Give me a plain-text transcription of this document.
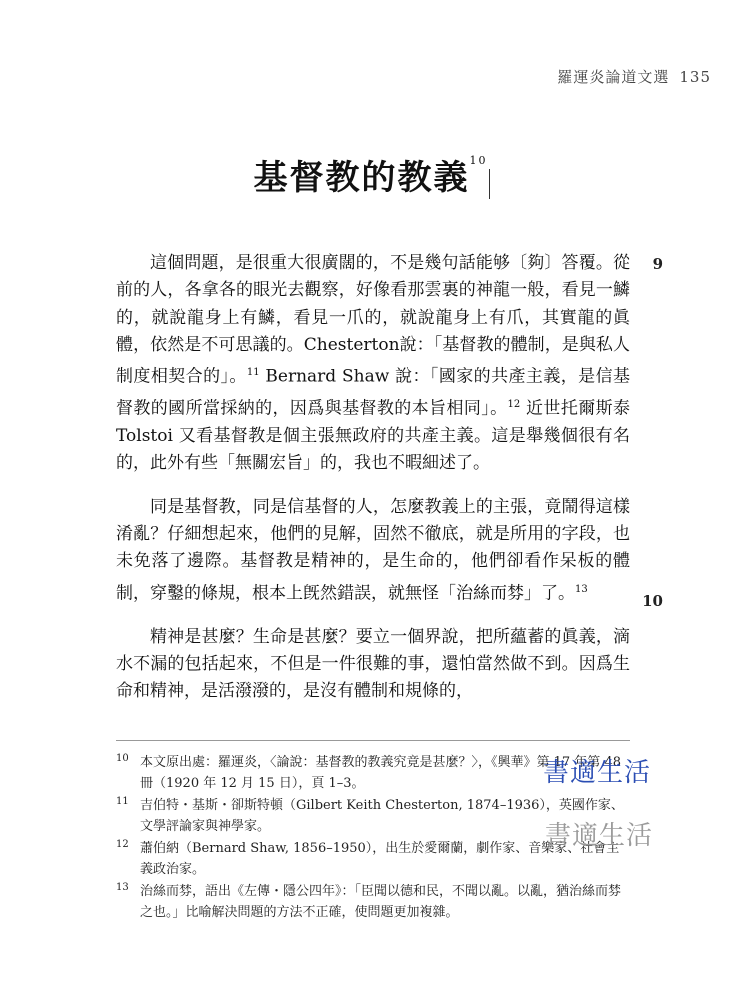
羅運炎論道文選 135
基督教的教義$^{10}$

這個問題，是很重大很廣闊的，不是幾句話能够〔夠〕答覆。從前的人，各拿各的眼光去觀察，好像看那雲裏的神龍一般，看見一鱗的，就說龍身上有鱗，看見一爪的，就說龍身上有爪，其實龍的眞體，依然是不可思議的。Chesterton說：「基督教的體制，是與私人制度相契合的」。$^{11}$ Bernard Shaw 說：「國家的共產主義，是信基督教的國所當採納的，因爲與基督教的本旨相同」。$^{12}$ 近世托爾斯泰 Tolstoi 又看基督教是個主張無政府的共產主義。這是舉幾個很有名的，此外有些「無關宏旨」的，我也不暇細述了。

同是基督教，同是信基督的人，怎麼教義上的主張，竟鬧得這樣淆亂？仔細想起來，他們的見解，固然不徹底，就是所用的字段，也未免落了邊際。基督教是精神的，是生命的，他們卻看作呆板的體制，穿鑿的條規，根本上旣然錯誤，就無怪「治絲而棼」了。$^{13}$

精神是甚麼？生命是甚麼？要立一個界說，把所蘊蓄的眞義，滴水不漏的包括起來，不但是一件很難的事，還怕當然做不到。因爲生命和精神，是活潑潑的，是沒有體制和規條的，

9
10
10 本文原出處：羅運炎，〈論說：基督教的教義究竟是甚麼？〉，《興華》第 17 年第 48 冊（1920 年 12 月 15 日），頁 1–3。
11 吉伯特・基斯・卻斯特頓（Gilbert Keith Chesterton, 1874–1936），英國作家、文學評論家與神學家。
12 蕭伯納（Bernard Shaw, 1856–1950），出生於愛爾蘭，劇作家、音樂家、社會主義政治家。
13 治絲而棼，語出《左傳・隱公四年》：「臣聞以德和民，不聞以亂。以亂，猶治絲而棼之也。」比喻解決問題的方法不正確，使問題更加複雜。
書適生活
書適生活
